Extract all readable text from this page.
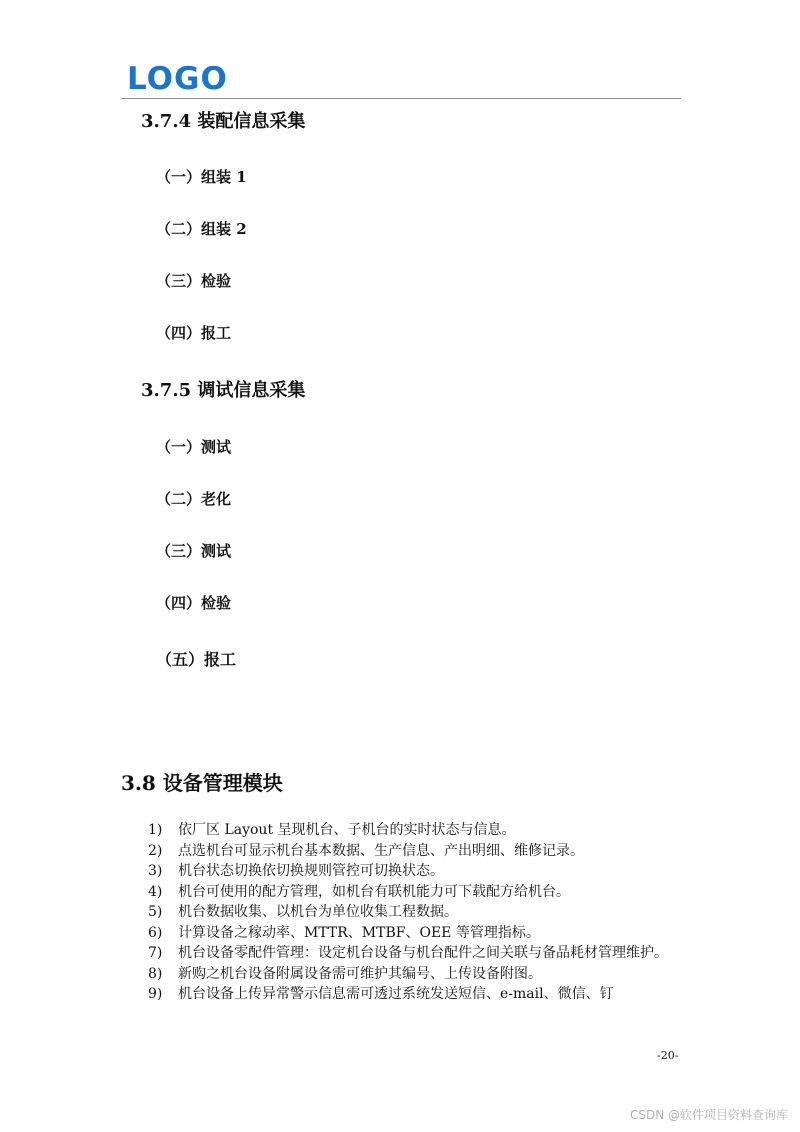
LOGO
3.7.4 装配信息采集
（一）组装 1
（二）组装 2
（三）检验
（四）报工
3.7.5 调试信息采集
（一）测试
（二）老化
（三）测试
（四）检验
（五）报工
3.8 设备管理模块
1) 依厂区 Layout 呈现机台、子机台的实时状态与信息。
2) 点选机台可显示机台基本数据、生产信息、产出明细、维修记录。
3) 机台状态切换依切换规则管控可切换状态。
4) 机台可使用的配方管理，如机台有联机能力可下载配方给机台。
5) 机台数据收集、以机台为单位收集工程数据。
6) 计算设备之稼动率、MTTR、MTBF、OEE 等管理指标。
7) 机台设备零配件管理：设定机台设备与机台配件之间关联与备品耗材管理维护。
8) 新购之机台设备附属设备需可维护其编号、上传设备附图。
9) 机台设备上传异常警示信息需可透过系统发送短信、e-mail、微信、钉
-20-
CSDN @软件项目资料查询库
